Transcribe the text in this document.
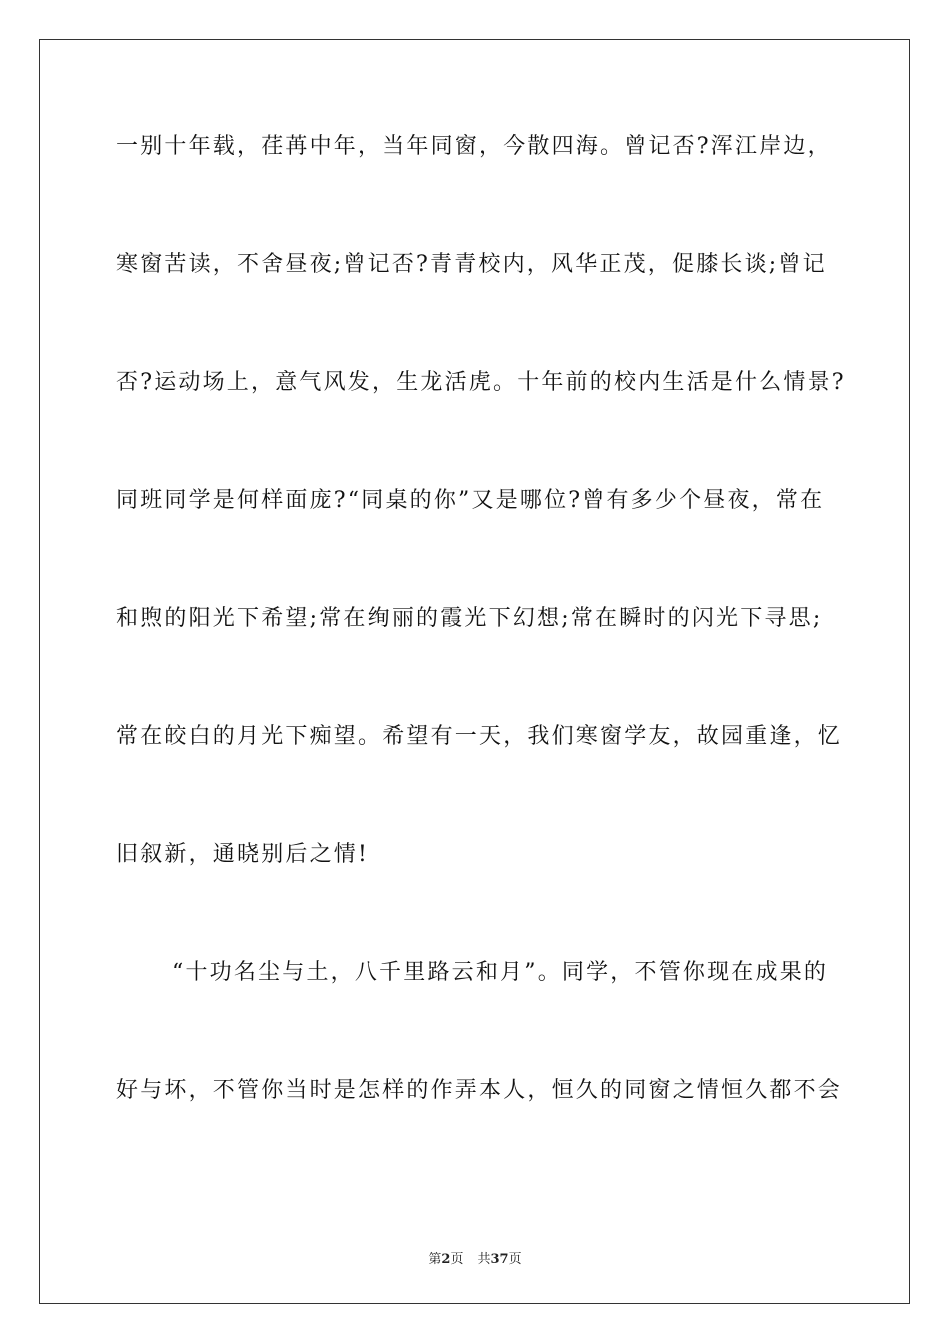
一别十年载，荏苒中年，当年同窗，今散四海。曾记否?浑江岸边，
寒窗苦读，不舍昼夜;曾记否?青青校内，风华正茂，促膝长谈;曾记
否?运动场上，意气风发，生龙活虎。十年前的校内生活是什么情景?
同班同学是何样面庞?“同桌的你”又是哪位?曾有多少个昼夜，常在
和煦的阳光下希望;常在绚丽的霞光下幻想;常在瞬时的闪光下寻思;
常在皎白的月光下痴望。希望有一天，我们寒窗学友，故园重逢，忆
旧叙新，通晓别后之情!
“十功名尘与土，八千里路云和月”。同学，不管你现在成果的
好与坏，不管你当时是怎样的作弄本人，恒久的同窗之情恒久都不会
第2页 共37页
